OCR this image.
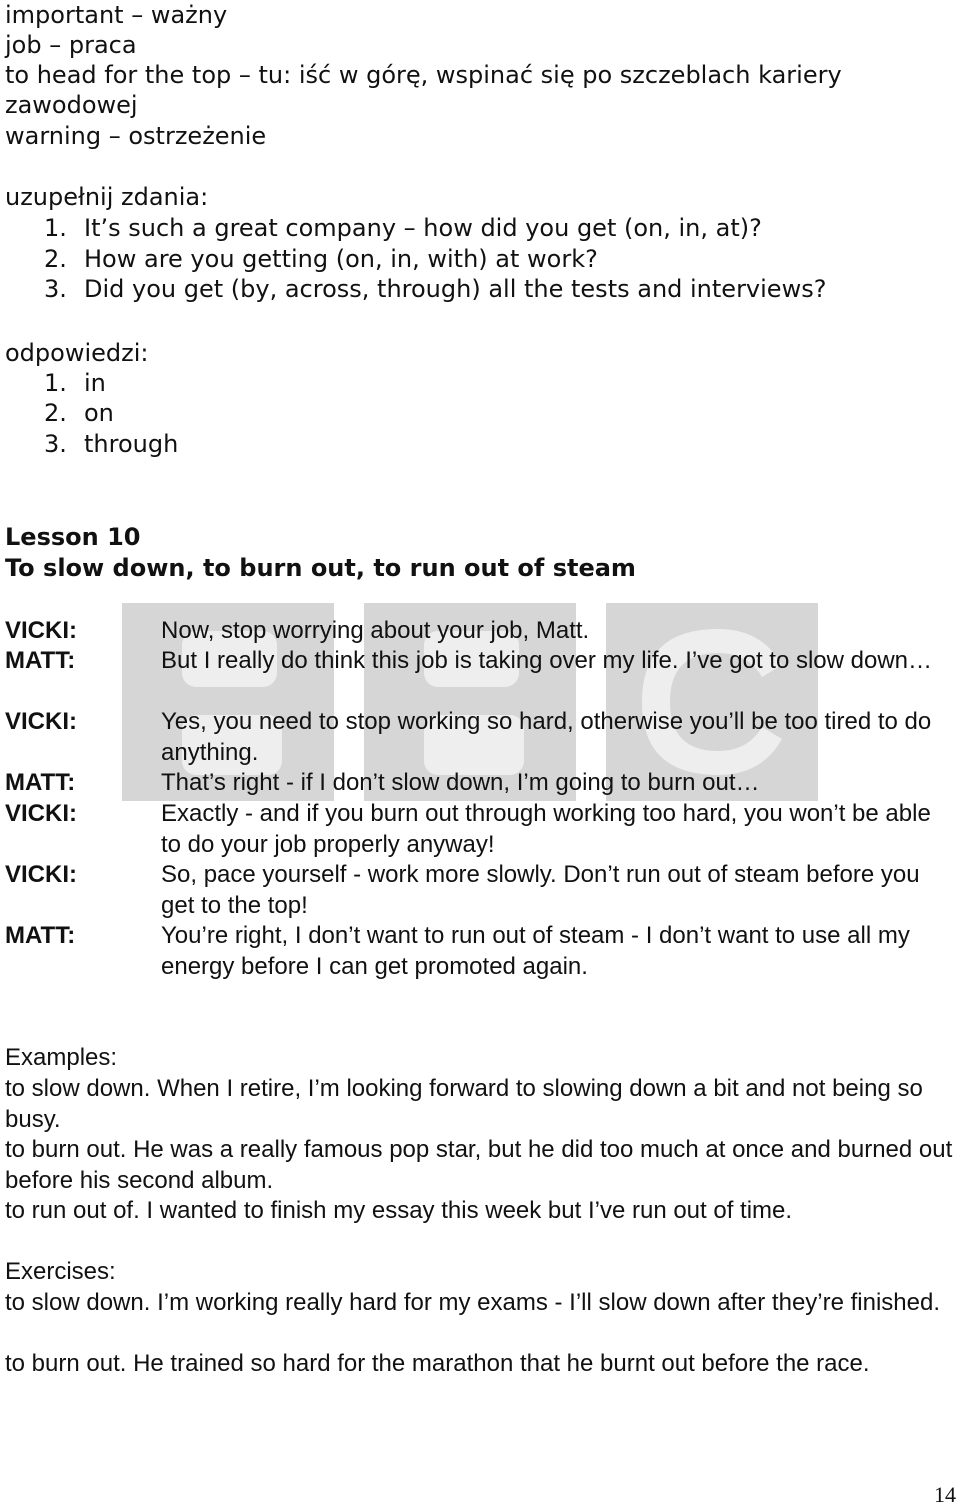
important – ważny
job – praca
to head for the top – tu: iść w górę, wspinać się po szczeblach kariery
zawodowej
warning – ostrzeżenie
uzupełnij zdania:
1. It’s such a great company – how did you get (on, in, at)?
2. How are you getting (on, in, with) at work?
3. Did you get (by, across, through) all the tests and interviews?
odpowiedzi:
1. in
2. on
3. through
Lesson 10
To slow down, to burn out, to run out of steam
VICKI:	Now, stop worrying about your job, Matt.
MATT:	But I really do think this job is taking over my life. I’ve got to slow down…
VICKI:	Yes, you need to stop working so hard, otherwise you’ll be too tired to do anything.
MATT:	That’s right - if I don’t slow down, I’m going to burn out…
VICKI:	Exactly - and if you burn out through working too hard, you won’t be able to do your job properly anyway!
VICKI:	So, pace yourself - work more slowly. Don’t run out of steam before you get to the top!
MATT:	You’re right, I don’t want to run out of steam - I don’t want to use all my energy before I can get promoted again.
Examples:
to slow down. When I retire, I’m looking forward to slowing down a bit and not being so busy.
to burn out. He was a really famous pop star, but he did too much at once and burned out before his second album.
to run out of. I wanted to finish my essay this week but I’ve run out of time.
Exercises:
to slow down. I’m working really hard for my exams - I’ll slow down after they’re finished.
to burn out. He trained so hard for the marathon that he burnt out before the race.
14
